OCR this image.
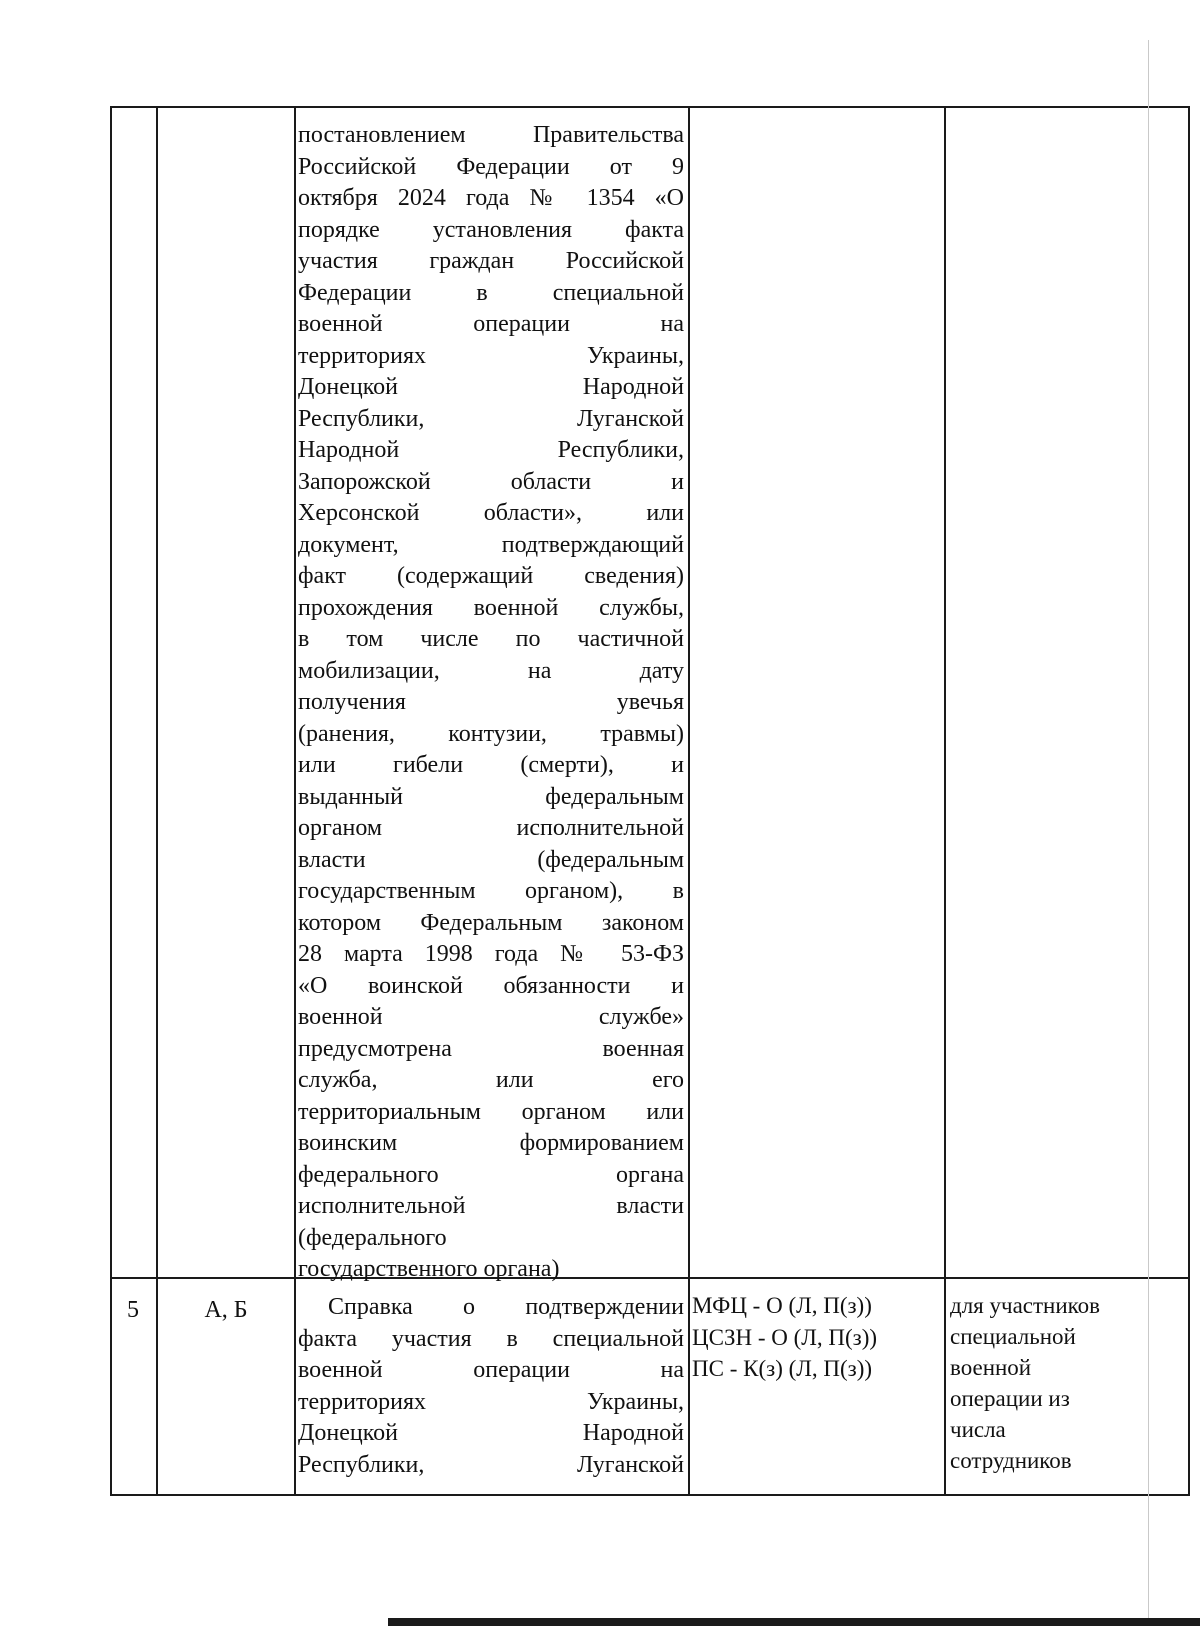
постановлением Правительства

Российской Федерации от 9

октября 2024 года № 1354 «О

порядке установления факта

участия граждан Российской

Федерации в специальной

военной операции на

территориях Украины,

Донецкой Народной

Республики, Луганской

Народной Республики,

Запорожской области и

Херсонской области», или

документ, подтверждающий

факт (содержащий сведения)

прохождения военной службы,

в том числе по частичной

мобилизации, на дату

получения увечья

(ранения, контузии, травмы)

или гибели (смерти), и

выданный федеральным

органом исполнительной

власти (федеральным

государственным органом), в

котором Федеральным законом

28 марта 1998 года № 53-ФЗ

«О воинской обязанности и

военной службе»

предусмотрена военная

служба, или его

территориальным органом или

воинским формированием

федерального органа

исполнительной власти

(федерального

государственного органа)

5	А, Б	Справка о подтверждении

факта участия в специальной

военной операции на

территориях Украины,

Донецкой Народной

Республики, Луганской

МФЦ - О (Л, П(з))
ЦСЗН - О (Л, П(з))
ПС - К(з) (Л, П(з))
для участников
специальной
военной
операции из
числа
сотрудников
